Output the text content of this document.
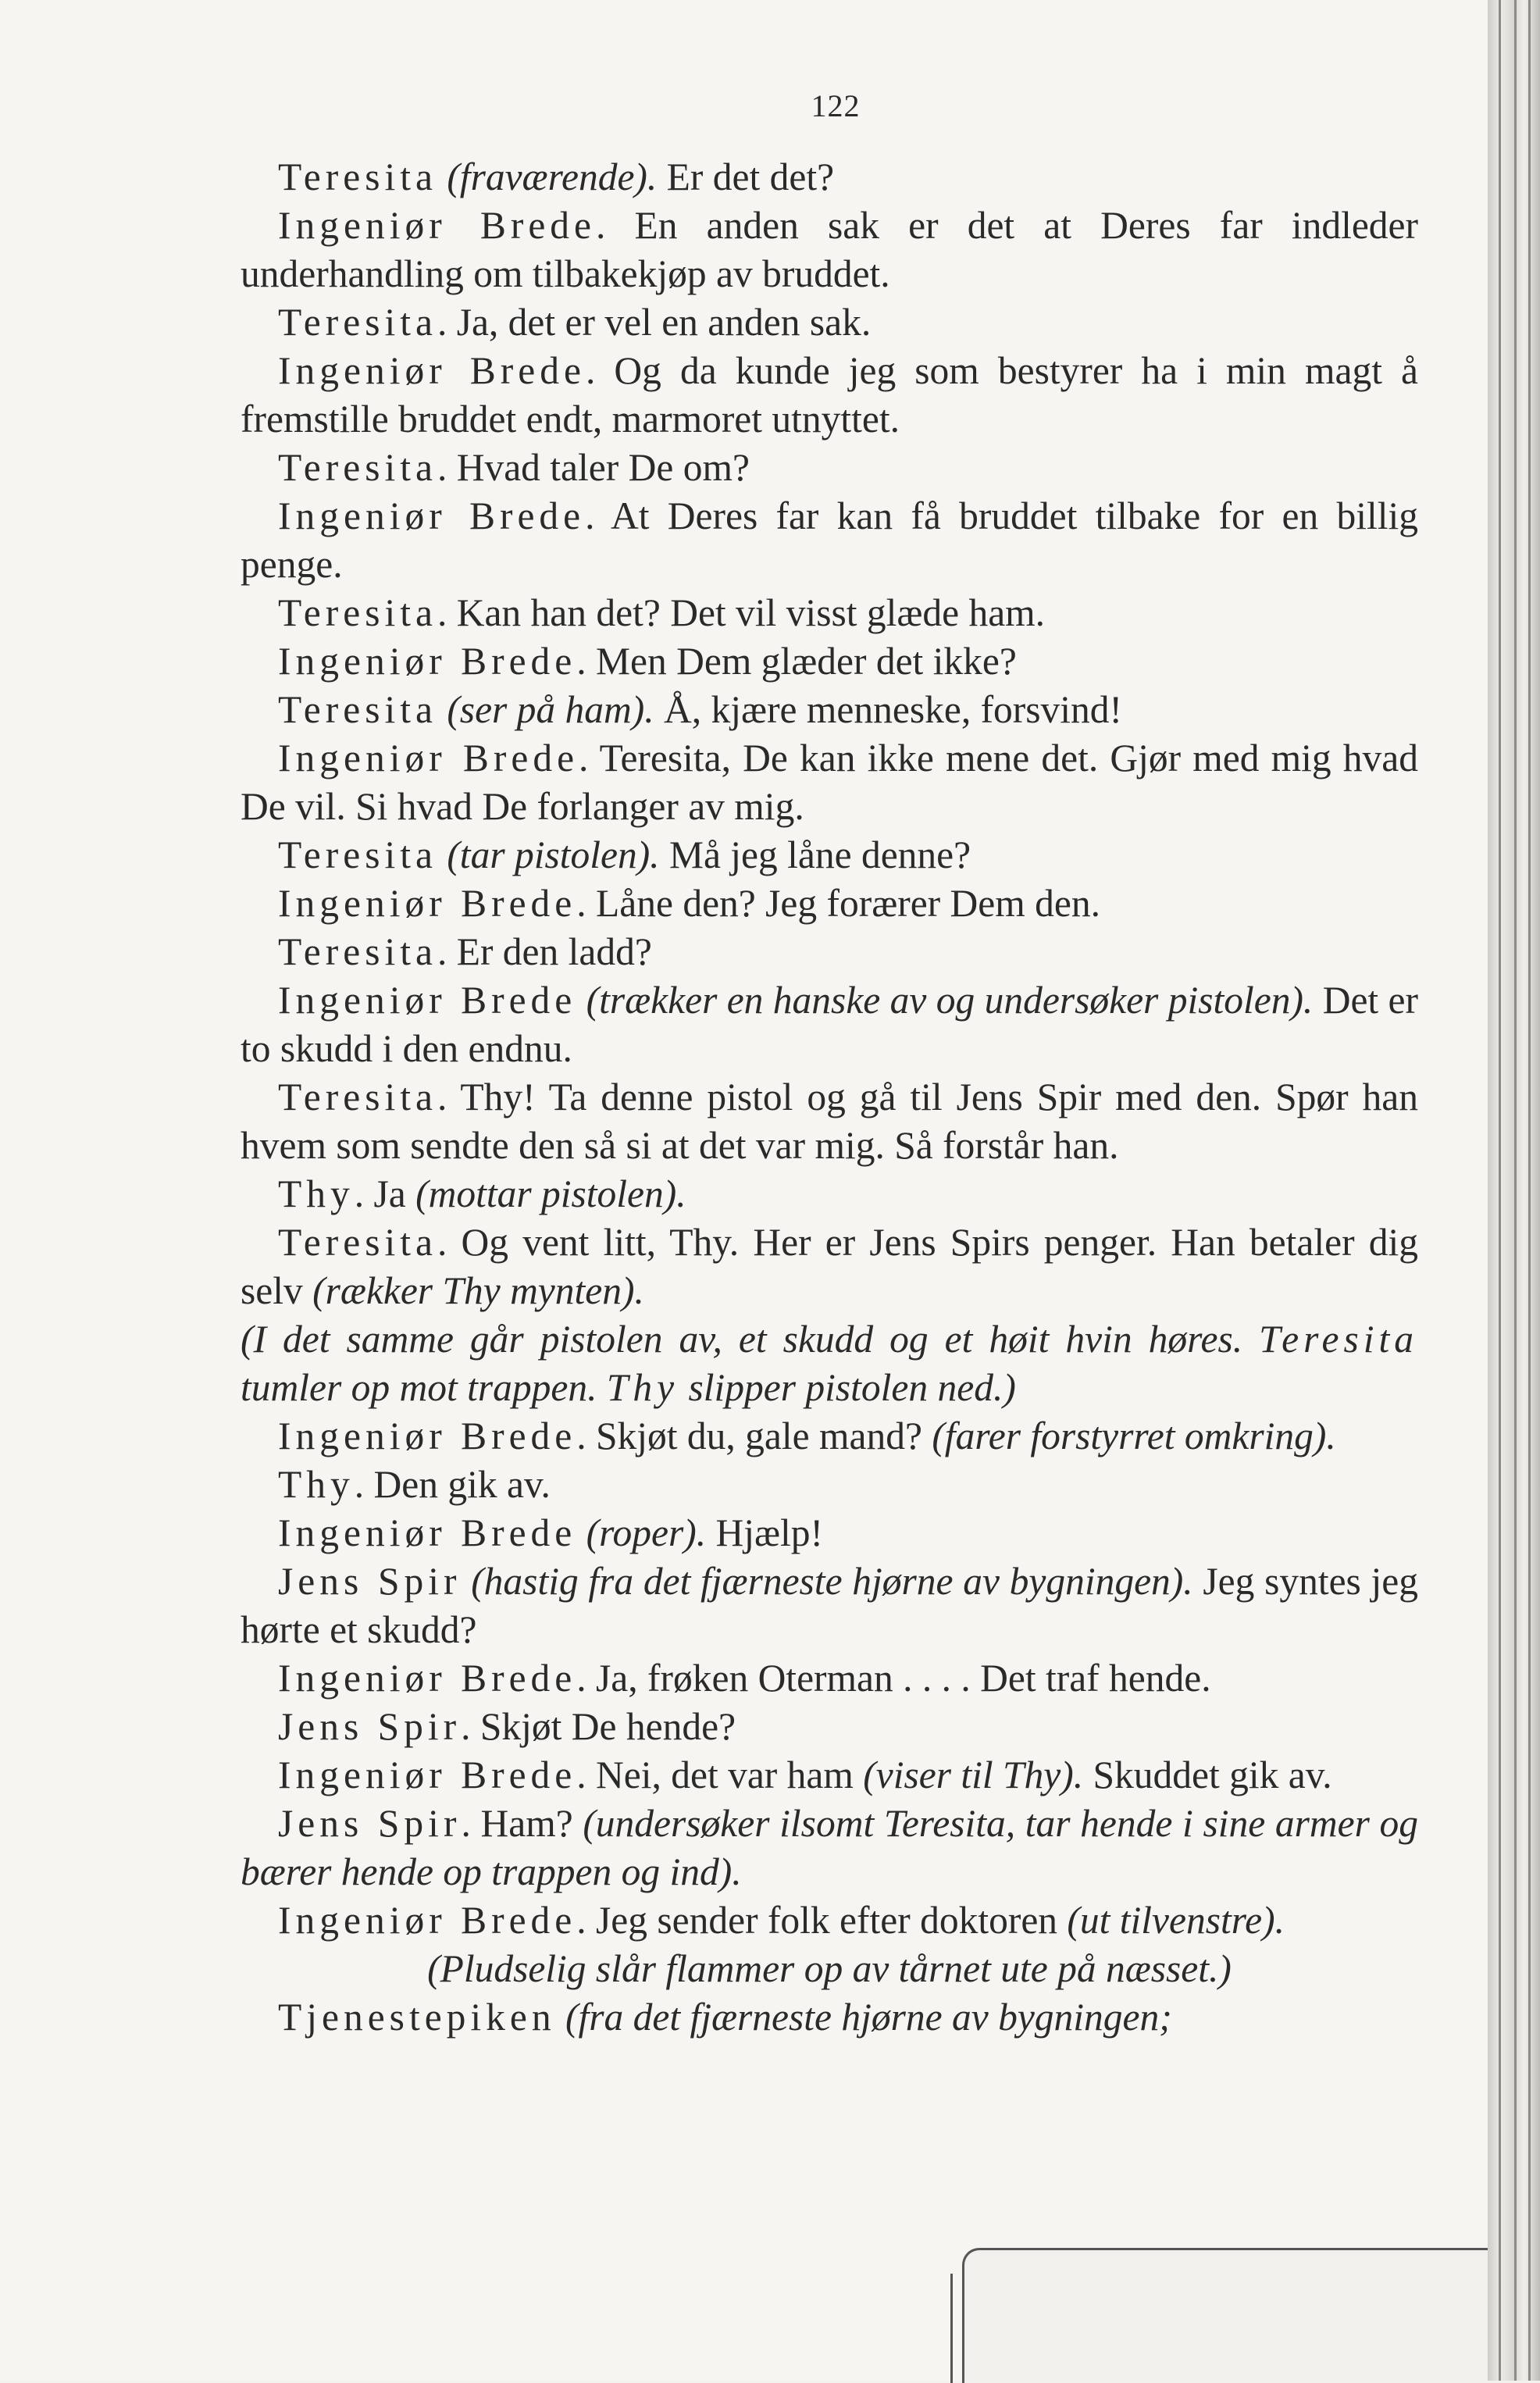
122

Teresita (fraværende). Er det det?

Ingeniør Brede. En anden sak er det at Deres far indleder underhandling om tilbakekjøp av bruddet.

Teresita. Ja, det er vel en anden sak.

Ingeniør Brede. Og da kunde jeg som bestyrer ha i min magt å fremstille bruddet endt, marmoret utnyttet.

Teresita. Hvad taler De om?

Ingeniør Brede. At Deres far kan få bruddet tilbake for en billig penge.

Teresita. Kan han det? Det vil visst glæde ham.

Ingeniør Brede. Men Dem glæder det ikke?

Teresita (ser på ham). Å, kjære menneske, forsvind!

Ingeniør Brede. Teresita, De kan ikke mene det. Gjør med mig hvad De vil. Si hvad De forlanger av mig.

Teresita (tar pistolen). Må jeg låne denne?

Ingeniør Brede. Låne den? Jeg forærer Dem den.

Teresita. Er den ladd?

Ingeniør Brede (trækker en hanske av og undersøker pistolen). Det er to skudd i den endnu.

Teresita. Thy! Ta denne pistol og gå til Jens Spir med den. Spør han hvem som sendte den så si at det var mig. Så forstår han.

Thy. Ja (mottar pistolen).

Teresita. Og vent litt, Thy. Her er Jens Spirs penger. Han betaler dig selv (rækker Thy mynten).

(I det samme går pistolen av, et skudd og et høit hvin høres. Teresita tumler op mot trappen. Thy slipper pistolen ned.)

Ingeniør Brede. Skjøt du, gale mand? (farer forstyrret omkring).

Thy. Den gik av.

Ingeniør Brede (roper). Hjælp!

Jens Spir (hastig fra det fjærneste hjørne av bygningen). Jeg syntes jeg hørte et skudd?

Ingeniør Brede. Ja, frøken Oterman . . . . Det traf hende.

Jens Spir. Skjøt De hende?

Ingeniør Brede. Nei, det var ham (viser til Thy). Skuddet gik av.

Jens Spir. Ham? (undersøker ilsomt Teresita, tar hende i sine armer og bærer hende op trappen og ind).

Ingeniør Brede. Jeg sender folk efter doktoren (ut tilvenstre).

(Pludselig slår flammer op av tårnet ute på næsset.)

Tjenestepiken (fra det fjærneste hjørne av bygningen;
